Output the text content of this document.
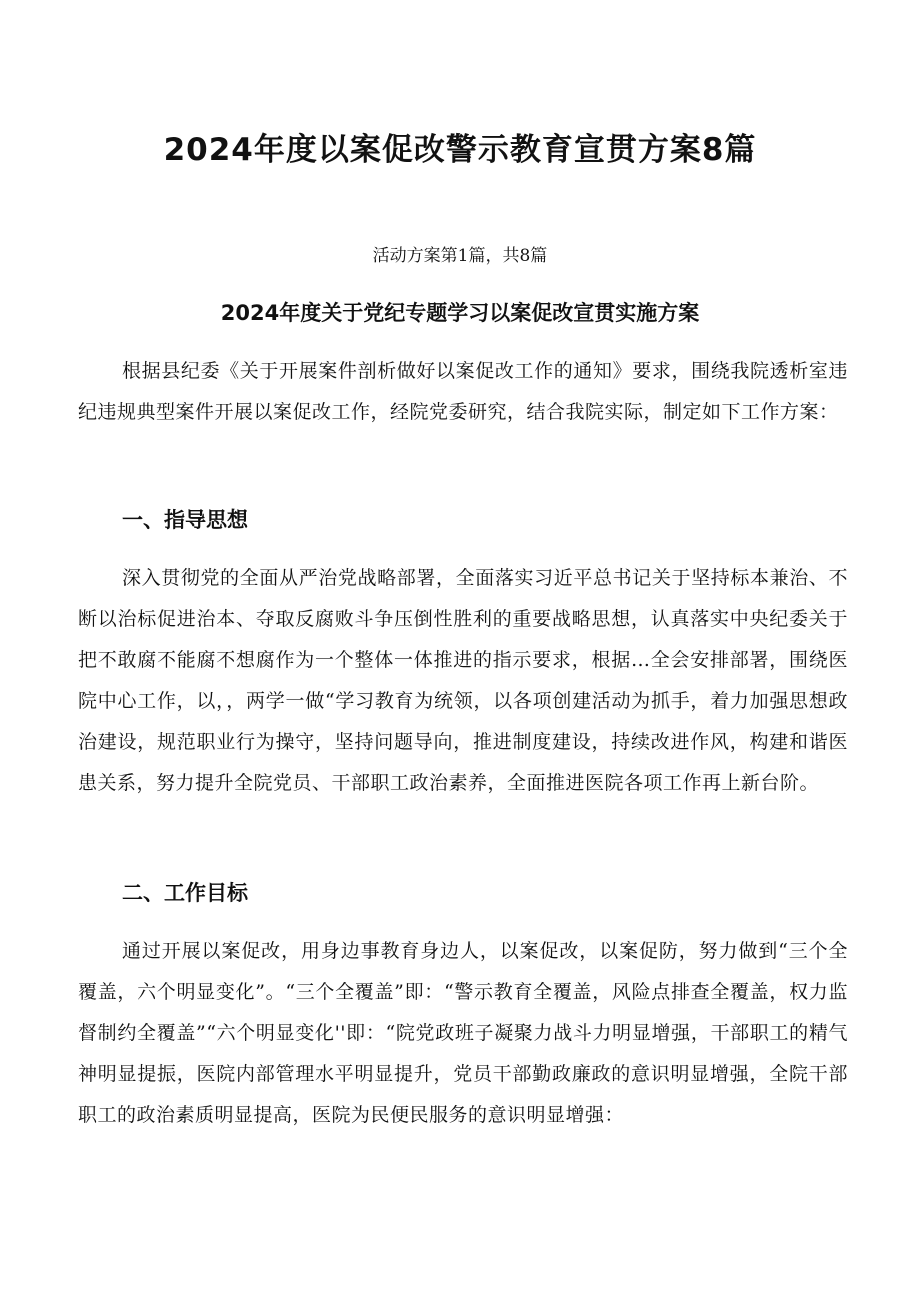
2024年度以案促改警示教育宣贯方案8篇

活动方案第1篇，共8篇

2024年度关于党纪专题学习以案促改宣贯实施方案

根据县纪委《关于开展案件剖析做好以案促改工作的通知》要求，围绕我院透析室违纪违规典型案件开展以案促改工作，经院党委研究，结合我院实际，制定如下工作方案：

一、指导思想

深入贯彻党的全面从严治党战略部署，全面落实习近平总书记关于坚持标本兼治、不断以治标促进治本、夺取反腐败斗争压倒性胜利的重要战略思想，认真落实中央纪委关于把不敢腐不能腐不想腐作为一个整体一体推进的指示要求，根据…全会安排部署，围绕医院中心工作，以，，两学一做“学习教育为统领，以各项创建活动为抓手，着力加强思想政治建设，规范职业行为操守，坚持问题导向，推进制度建设，持续改进作风，构建和谐医患关系，努力提升全院党员、干部职工政治素养，全面推进医院各项工作再上新台阶。

二、工作目标

通过开展以案促改，用身边事教育身边人，以案促改，以案促防，努力做到“三个全覆盖，六个明显变化”。“三个全覆盖”即：“警示教育全覆盖，风险点排查全覆盖，权力监督制约全覆盖”“六个明显变化''即：“院党政班子凝聚力战斗力明显增强，干部职工的精气神明显提振，医院内部管理水平明显提升，党员干部勤政廉政的意识明显增强，全院干部职工的政治素质明显提高，医院为民便民服务的意识明显增强：
